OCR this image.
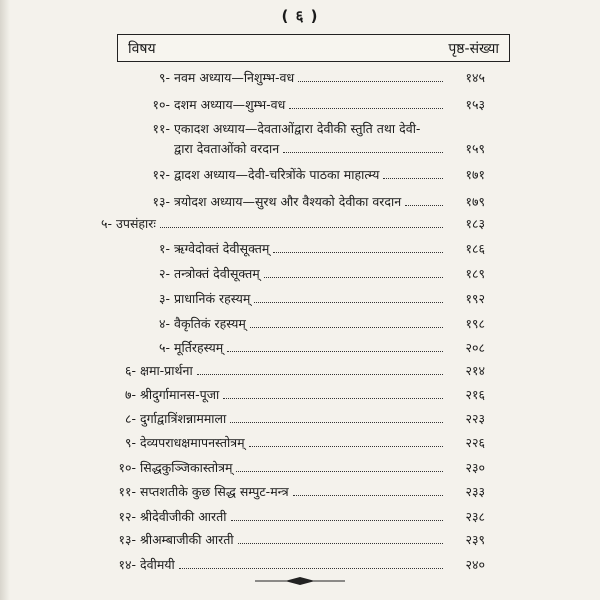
( ६ )
विषय	पृष्ठ-संख्या
९- नवम अध्याय—निशुम्भ-वध	१४५
१०- दशम अध्याय—शुम्भ-वध	१५३
११- एकादश अध्याय—देवताओंद्वारा देवीकी स्तुति तथा देवी-
द्वारा देवताओंको वरदान	१५९
१२- द्वादश अध्याय—देवी-चरित्रोंके पाठका माहात्म्य	१७१
१३- त्रयोदश अध्याय—सुरथ और वैश्यको देवीका वरदान	१७९
५- उपसंहारः	१८३
१- ऋग्वेदोक्तं देवीसूक्तम्	१८६
२- तन्त्रोक्तं देवीसूक्तम्	१८९
३- प्राधानिकं रहस्यम्	१९२
४- वैकृतिकं रहस्यम्	१९८
५- मूर्तिरहस्यम्	२०८
६- क्षमा-प्रार्थना	२१४
७- श्रीदुर्गामानस-पूजा	२१६
८- दुर्गाद्वात्रिंशन्नाममाला	२२३
९- देव्यपराधक्षमापनस्तोत्रम्	२२६
१०- सिद्धकुञ्जिकास्तोत्रम्	२३०
११- सप्तशतीके कुछ सिद्ध सम्पुट-मन्त्र	२३३
१२- श्रीदेवीजीकी आरती	२३८
१३- श्रीअम्बाजीकी आरती	२३९
१४- देवीमयी	२४०
